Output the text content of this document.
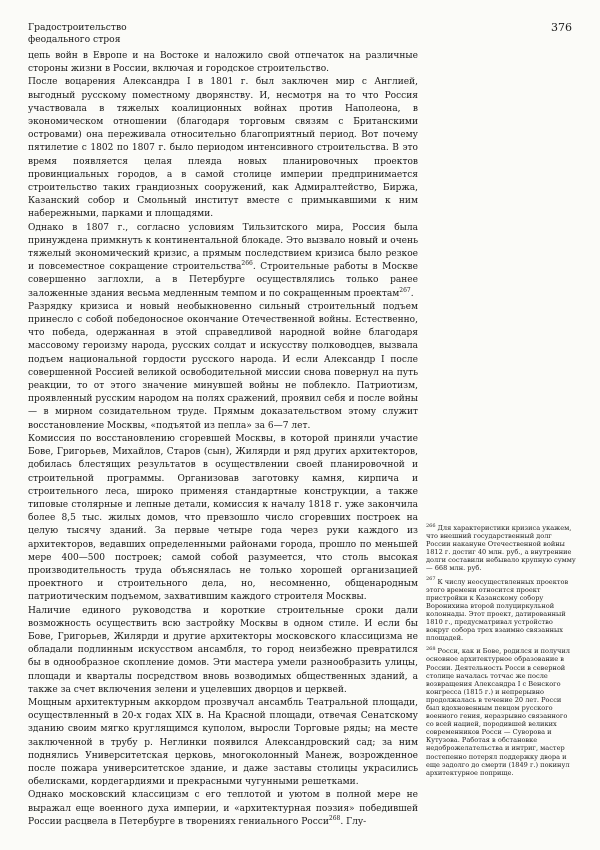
Градостроительство
феодального строя
376

цепь войн в Европе и на Востоке и наложило свой отпечаток на различные стороны жизни в России, включая и городское строительство.

После воцарения Александра I в 1801 г. был заключен мир с Англией, выгодный русскому поместному дворянству. И, несмотря на то что Россия участвовала в тяжелых коалиционных войнах против Наполеона, в экономическом отношении (благодаря торговым связям с Британскими островами) она переживала относительно благоприятный период. Вот почему пятилетие с 1802 по 1807 г. было периодом интенсивного строительства. В это время появляется целая плеяда новых планировочных проектов провинциальных городов, а в самой столице империи предпринимается строительство таких грандиозных сооружений, как Адмиралтейство, Биржа, Казанский собор и Смольный институт вместе с примыкавшими к ним набережными, парками и площадями.

Однако в 1807 г., согласно условиям Тильзитского мира, Россия была принуждена примкнуть к континентальной блокаде. Это вызвало новый и очень тяжелый экономический кризис, а прямым последствием кризиса было резкое и повсеместное сокращение строительства$^{266}$. Строительные работы в Москве совершенно заглохли, а в Петербурге осуществлялись только ранее заложенные здания весьма медленным темпом и по сокращенным проектам$^{267}$.

Разрядку кризиса и новый необыкновенно сильный строительный подъем принесло с собой победоносное окончание Отечественной войны. Естественно, что победа, одержанная в этой справедливой народной войне благодаря массовому героизму народа, русских солдат и искусству полководцев, вызвала подъем национальной гордости русского народа. И если Александр I после совершенной Россией великой освободительной миссии снова повернул на путь реакции, то от этого значение минувшей войны не поблекло. Патриотизм, проявленный русским народом на полях сражений, проявил себя и после войны — в мирном созидательном труде. Прямым доказательством этому служит восстановление Москвы, «подъятой из пепла» за 6—7 лет.

Комиссия по восстановлению сгоревшей Москвы, в которой приняли участие Бове, Григорьев, Михайлов, Старов (сын), Жилярди и ряд других архитекторов, добилась блестящих результатов в осуществлении своей планировочной и строительной программы. Организовав заготовку камня, кирпича и строительного леса, широко применяя стандартные конструкции, а также типовые столярные и лепные детали, комиссия к началу 1818 г. уже закончила более 8,5 тыс. жилых домов, что превзошло число сгоревших построек на целую тысячу зданий. За первые четыре года через руки каждого из архитекторов, ведавших определенными районами города, прошло по меньшей мере 400—500 построек; самой собой разумеется, что столь высокая производительность труда объяснялась не только хорошей организацией проектного и строительного дела, но, несомненно, общенародным патриотическим подъемом, захватившим каждого строителя Москвы.

Наличие единого руководства и короткие строительные сроки дали возможность осуществить всю застройку Москвы в одном стиле. И если бы Бове, Григорьев, Жилярди и другие архитекторы московского классицизма не обладали подлинным искусством ансамбля, то город неизбежно превратился бы в однообразное скопление домов. Эти мастера умели разнообразить улицы, площади и кварталы посредством вновь возводимых общественных зданий, а также за счет включения зелени и уцелевших дворцов и церквей.

Мощным архитектурным аккордом прозвучал ансамбль Театральной площади, осуществленный в 20-х годах XIX в. На Красной площади, отвечая Сенатскому зданию своим мягко круглящимся куполом, выросли Торговые ряды; на месте заключенной в трубу р. Неглинки появился Александровский сад; за ним поднялись Университетская церковь, многоколонный Манеж, возрожденное после пожара университетское здание, и даже заставы столицы украсились обелисками, кордегардиями и прекрасными чугунными решетками.

Однако московский классицизм с его теплотой и уютом в полной мере не выражал еще военного духа империи, и «архитектурная поэзия» победившей России расцвела в Петербурге в творениях гениального Росси$^{268}$. Глу-

$^{266}$ Для характеристики кризиса укажем, что внешний государственный долг России накануне Отечественной войны 1812 г. достиг 40 млн. руб., а внутренние долги составили небывало крупную сумму — 668 млн. руб.

$^{267}$ К числу неосуществленных проектов этого времени относится проект пристройки к Казанскому собору Воронихина второй полуциркульной колоннады. Этот проект, датированный 1810 г., предусматривал устройство вокруг собора трех взаимно связанных площадей.

$^{268}$ Росси, как и Бове, родился и получил основное архитектурное образование в России. Деятельность Росси в северной столице началась тотчас же после возвращения Александра I с Венского конгресса (1815 г.) и непрерывно продолжалась в течение 20 лет. Росси был вдохновенным певцом русского военного гения, неразрывно связанного со всей нацией, породившей великих современников Росси — Суворова и Кутузова. Работая в обстановке недоброжелательства и интриг, мастер постепенно потерял поддержку двора и еще задолго до смерти (1849 г.) покинул архитектурное поприще.
